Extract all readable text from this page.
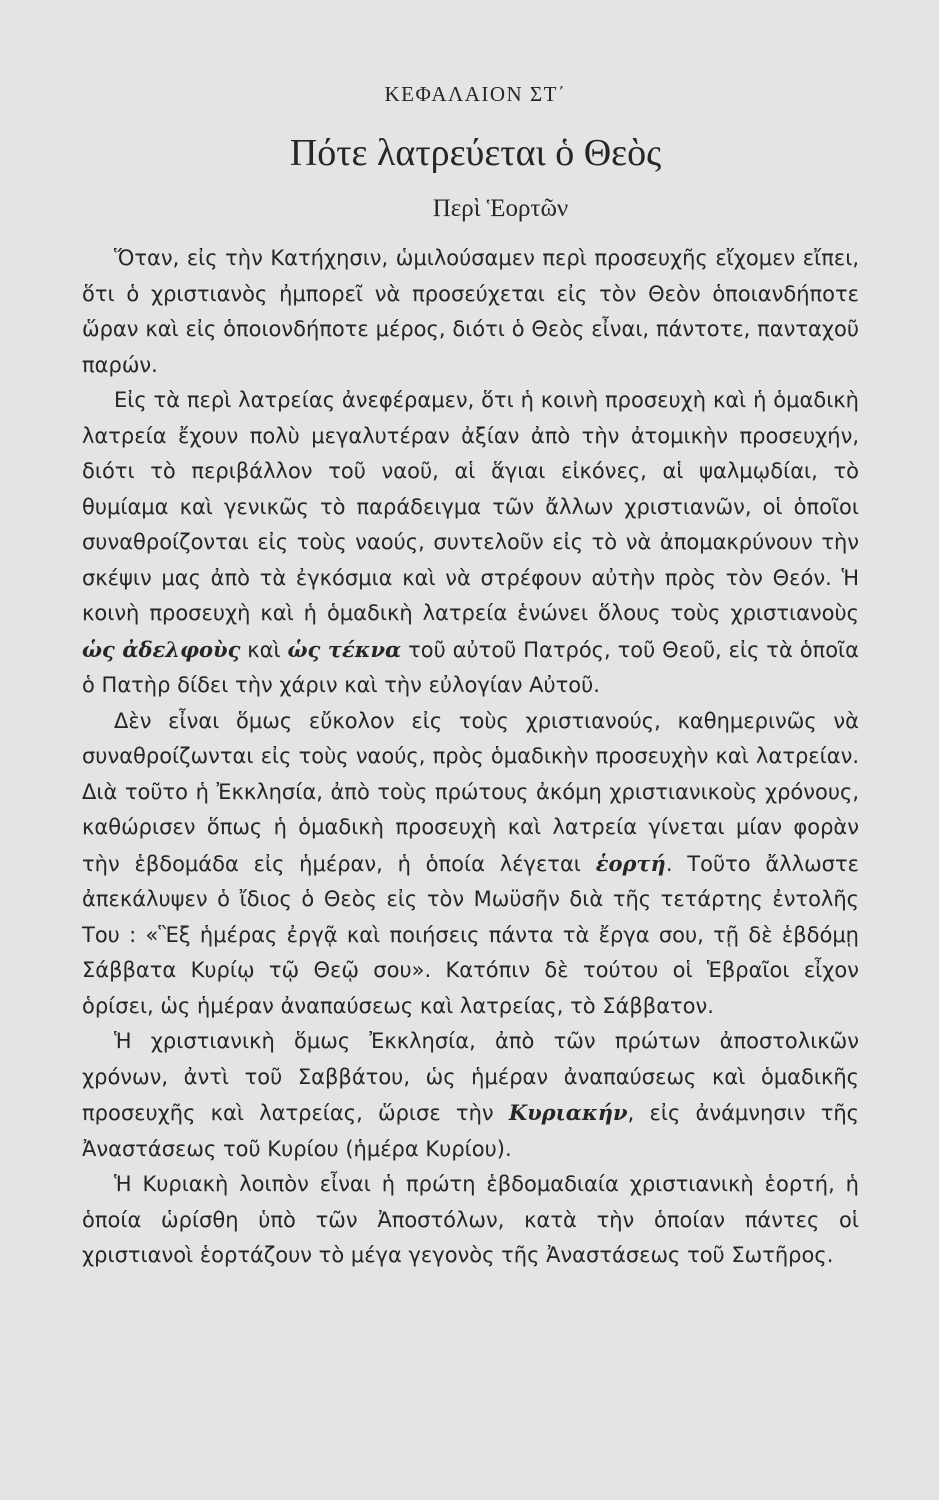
ΚΕΦΑΛΑΙΟΝ ΣΤ΄
Πότε λατρεύεται ὁ Θεὸς
Περὶ Ἑορτῶν

Ὅταν, εἰς τὴν Κατήχησιν, ὡμιλούσαμεν περὶ προσευχῆς εἴχομεν εἴπει, ὅτι ὁ χριστιανὸς ἠμπορεῖ νὰ προσεύχεται εἰς τὸν Θεὸν ὁποιανδήποτε ὥραν καὶ εἰς ὁποιονδήποτε μέρος, διότι ὁ Θεὸς εἶναι, πάντοτε, πανταχοῦ παρών.

Εἰς τὰ περὶ λατρείας ἀνεφέραμεν, ὅτι ἡ κοινὴ προσευχὴ καὶ ἡ ὁμαδικὴ λατρεία ἔχουν πολὺ μεγαλυτέραν ἀξίαν ἀπὸ τὴν ἀτομικὴν προσευχήν, διότι τὸ περιβάλλον τοῦ ναοῦ, αἱ ἅγιαι εἰκόνες, αἱ ψαλμῳδίαι, τὸ θυμίαμα καὶ γενικῶς τὸ παράδειγμα τῶν ἄλλων χριστιανῶν, οἱ ὁποῖοι συναθροίζονται εἰς τοὺς ναούς, συντελοῦν εἰς τὸ νὰ ἀπομακρύνουν τὴν σκέψιν μας ἀπὸ τὰ ἐγκόσμια καὶ νὰ στρέφουν αὐτὴν πρὸς τὸν Θεόν. Ἡ κοινὴ προσευχὴ καὶ ἡ ὁμαδικὴ λατρεία ἑνώνει ὅλους τοὺς χριστιανοὺς ὡς ἀδελφοὺς καὶ ὡς τέκνα τοῦ αὐτοῦ Πατρός, τοῦ Θεοῦ, εἰς τὰ ὁποῖα ὁ Πατὴρ δίδει τὴν χάριν καὶ τὴν εὐλογίαν Αὐτοῦ.

Δὲν εἶναι ὅμως εὔκολον εἰς τοὺς χριστιανούς, καθημερινῶς νὰ συναθροίζωνται εἰς τοὺς ναούς, πρὸς ὁμαδικὴν προσευχὴν καὶ λατρείαν. Διὰ τοῦτο ἡ Ἐκκλησία, ἀπὸ τοὺς πρώτους ἀκόμη χριστιανικοὺς χρόνους, καθώρισεν ὅπως ἡ ὁμαδικὴ προσευχὴ καὶ λατρεία γίνεται μίαν φορὰν τὴν ἑβδομάδα εἰς ἡμέραν, ἡ ὁποία λέγεται ἑορτή. Τοῦτο ἄλλωστε ἀπεκάλυψεν ὁ ἴδιος ὁ Θεὸς εἰς τὸν Μωϋσῆν διὰ τῆς τετάρτης ἐντολῆς Του : «Ἓξ ἡμέρας ἐργᾷ καὶ ποιήσεις πάντα τὰ ἔργα σου, τῇ δὲ ἑβδόμῃ Σάββατα Κυρίῳ τῷ Θεῷ σου». Κατόπιν δὲ τούτου οἱ Ἑβραῖοι εἶχον ὁρίσει, ὡς ἡμέραν ἀναπαύσεως καὶ λατρείας, τὸ Σάββατον.

Ἡ χριστιανικὴ ὅμως Ἐκκλησία, ἀπὸ τῶν πρώτων ἀποστολικῶν χρόνων, ἀντὶ τοῦ Σαββάτου, ὡς ἡμέραν ἀναπαύσεως καὶ ὁμαδικῆς προσευχῆς καὶ λατρείας, ὥρισε τὴν Κυριακήν, εἰς ἀνάμνησιν τῆς Ἀναστάσεως τοῦ Κυρίου (ἡμέρα Κυρίου).

Ἡ Κυριακὴ λοιπὸν εἶναι ἡ πρώτη ἑβδομαδιαία χριστιανικὴ ἑορτή, ἡ ὁποία ὡρίσθη ὑπὸ τῶν Ἀποστόλων, κατὰ τὴν ὁποίαν πάντες οἱ χριστιανοὶ ἑορτάζουν τὸ μέγα γεγονὸς τῆς Ἀναστάσεως τοῦ Σωτῆρος.
